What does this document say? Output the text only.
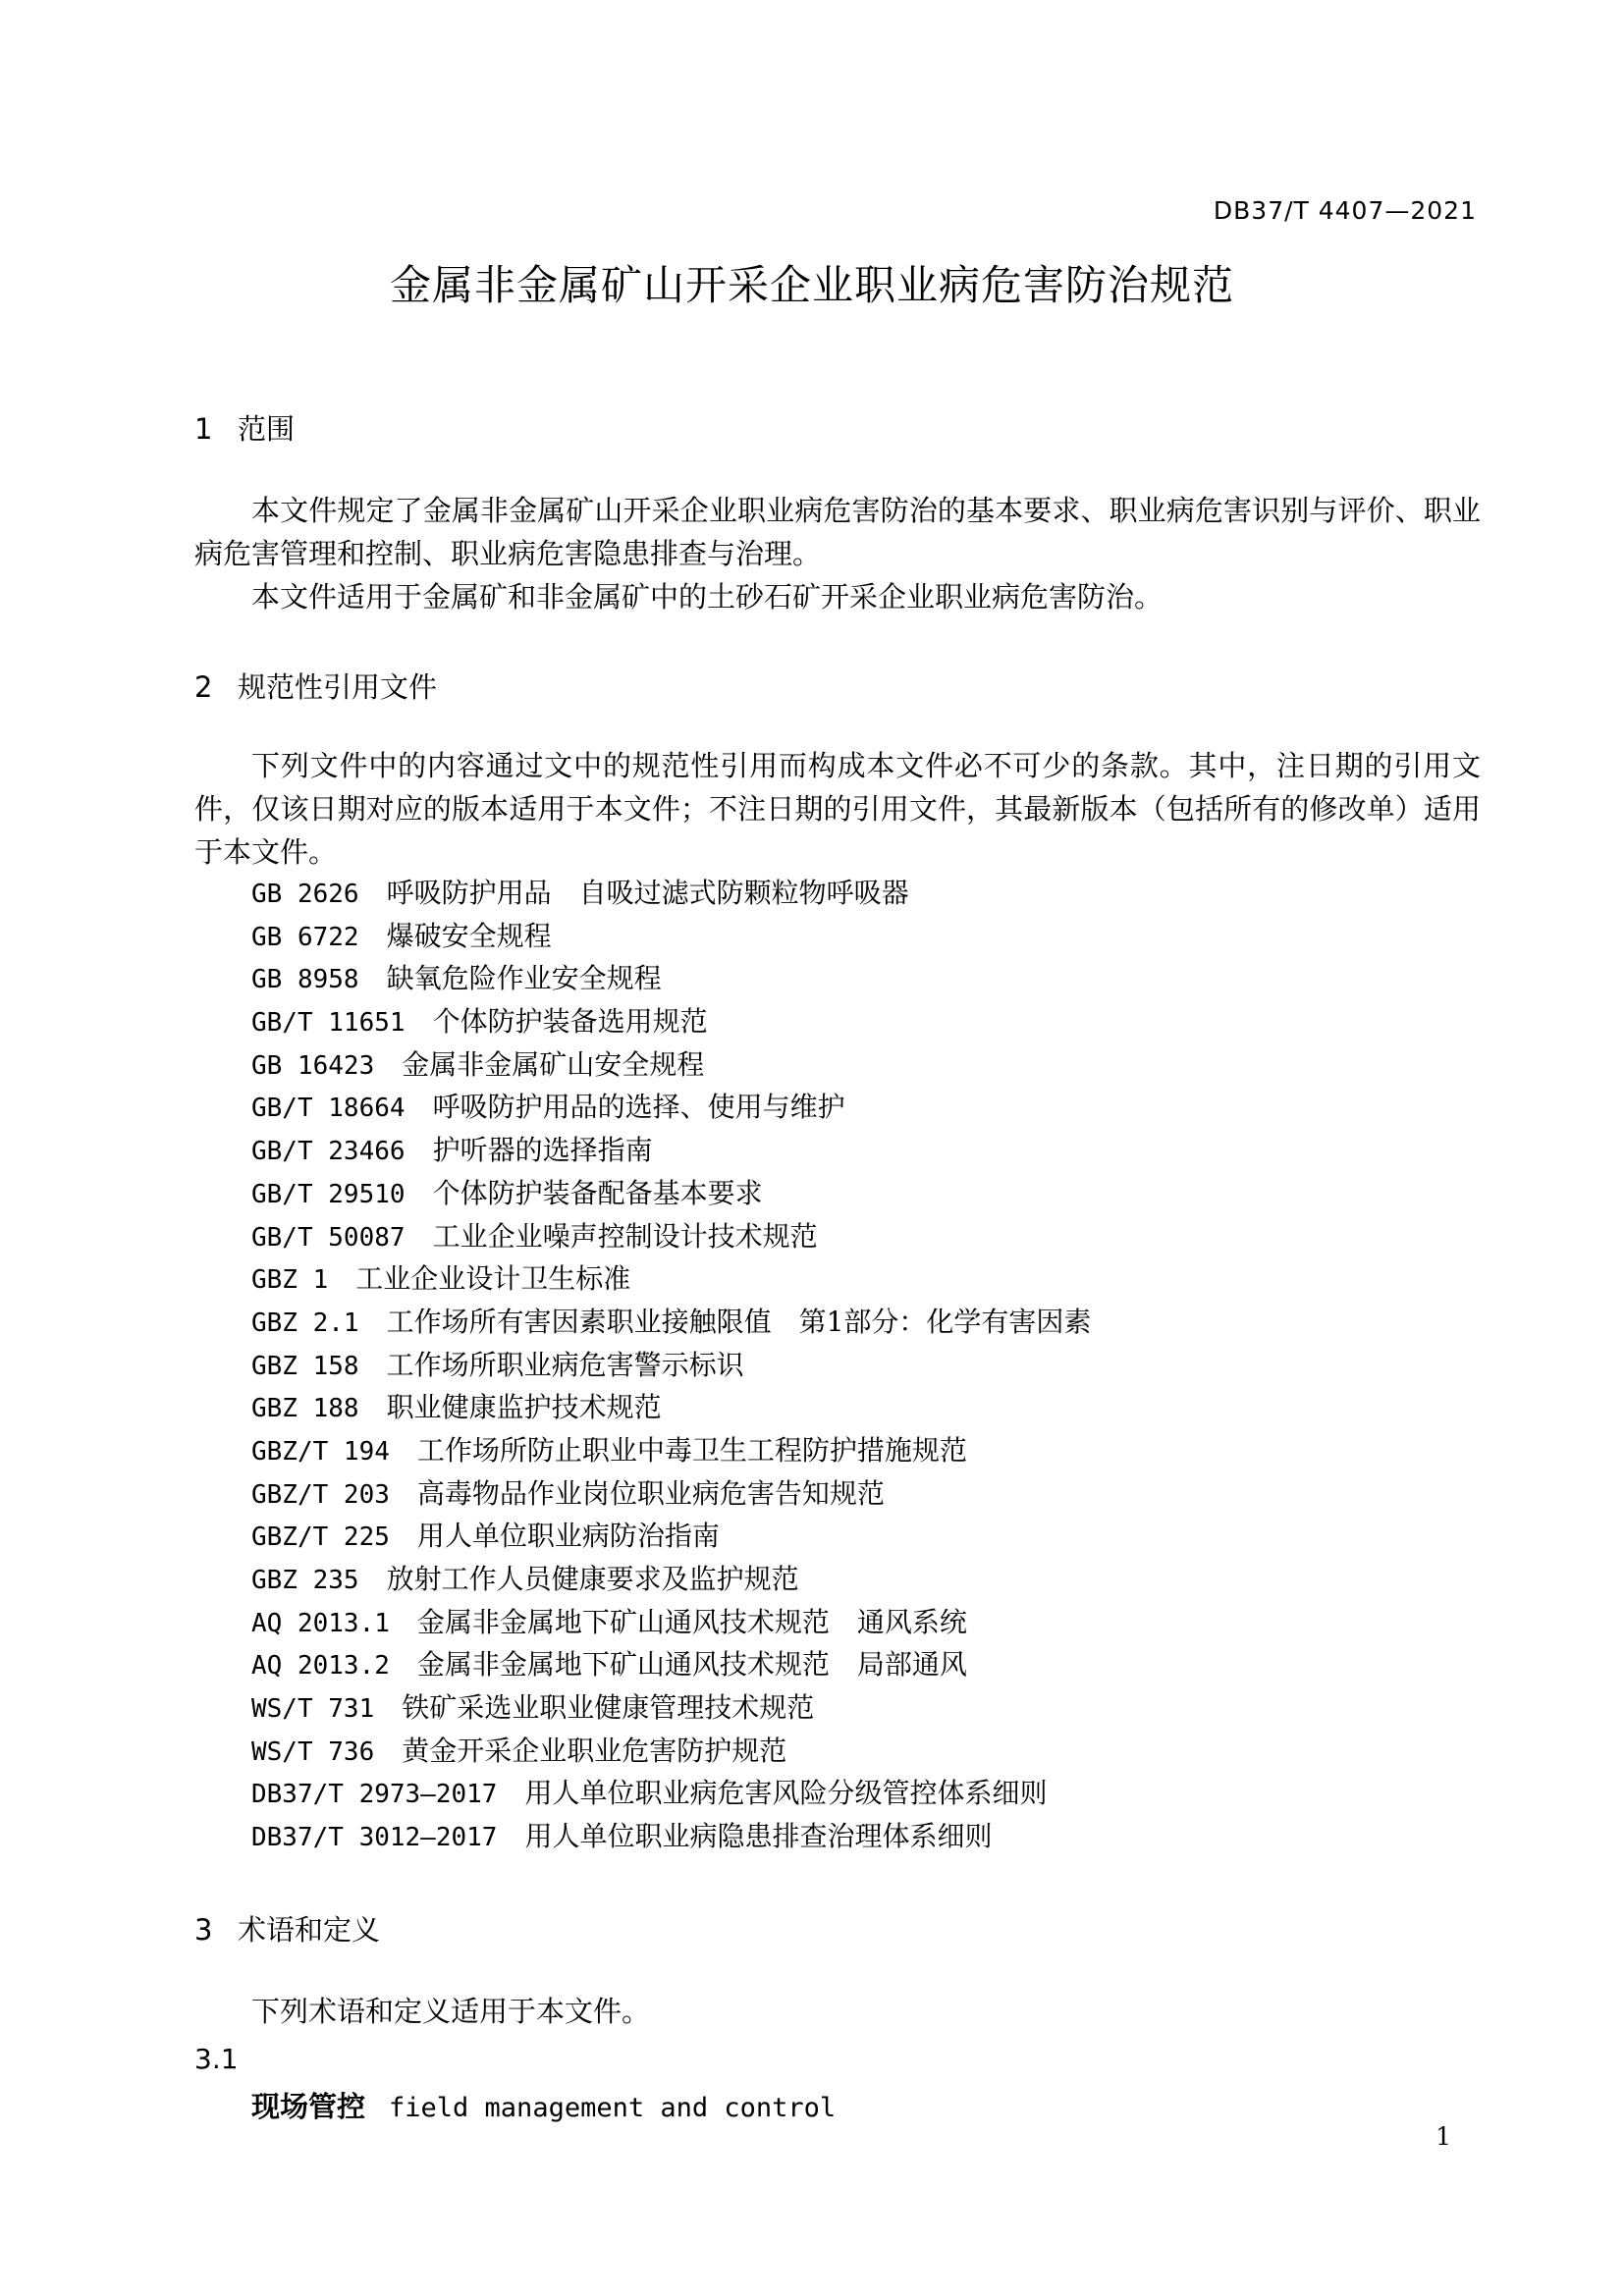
DB37/T 4407—2021
金属非金属矿山开采企业职业病危害防治规范
1 范围

本文件规定了金属非金属矿山开采企业职业病危害防治的基本要求、职业病危害识别与评价、职业病危害管理和控制、职业病危害隐患排查与治理。

本文件适用于金属矿和非金属矿中的土砂石矿开采企业职业病危害防治。

2 规范性引用文件

下列文件中的内容通过文中的规范性引用而构成本文件必不可少的条款。其中，注日期的引用文件，仅该日期对应的版本适用于本文件；不注日期的引用文件，其最新版本（包括所有的修改单）适用于本文件。

GB 2626　 呼吸防护用品　自吸过滤式防颗粒物呼吸器
GB 6722　 爆破安全规程
GB 8958　 缺氧危险作业安全规程
GB/T 11651　 个体防护装备选用规范
GB 16423　 金属非金属矿山安全规程
GB/T 18664　 呼吸防护用品的选择、使用与维护
GB/T 23466　 护听器的选择指南
GB/T 29510　 个体防护装备配备基本要求
GB/T 50087　 工业企业噪声控制设计技术规范
GBZ 1　 工业企业设计卫生标准
GBZ 2.1　 工作场所有害因素职业接触限值　第1部分：化学有害因素
GBZ 158　 工作场所职业病危害警示标识
GBZ 188　 职业健康监护技术规范
GBZ/T 194　 工作场所防止职业中毒卫生工程防护措施规范
GBZ/T 203　 高毒物品作业岗位职业病危害告知规范
GBZ/T 225　 用人单位职业病防治指南
GBZ 235　 放射工作人员健康要求及监护规范
AQ 2013.1　 金属非金属地下矿山通风技术规范　通风系统
AQ 2013.2　 金属非金属地下矿山通风技术规范　局部通风
WS/T 731　 铁矿采选业职业健康管理技术规范
WS/T 736　 黄金开采企业职业危害防护规范
DB37/T 2973—2017　 用人单位职业病危害风险分级管控体系细则
DB37/T 3012—2017　 用人单位职业病隐患排查治理体系细则
3 术语和定义

下列术语和定义适用于本文件。

3.1
现场管控 field management and control
1
